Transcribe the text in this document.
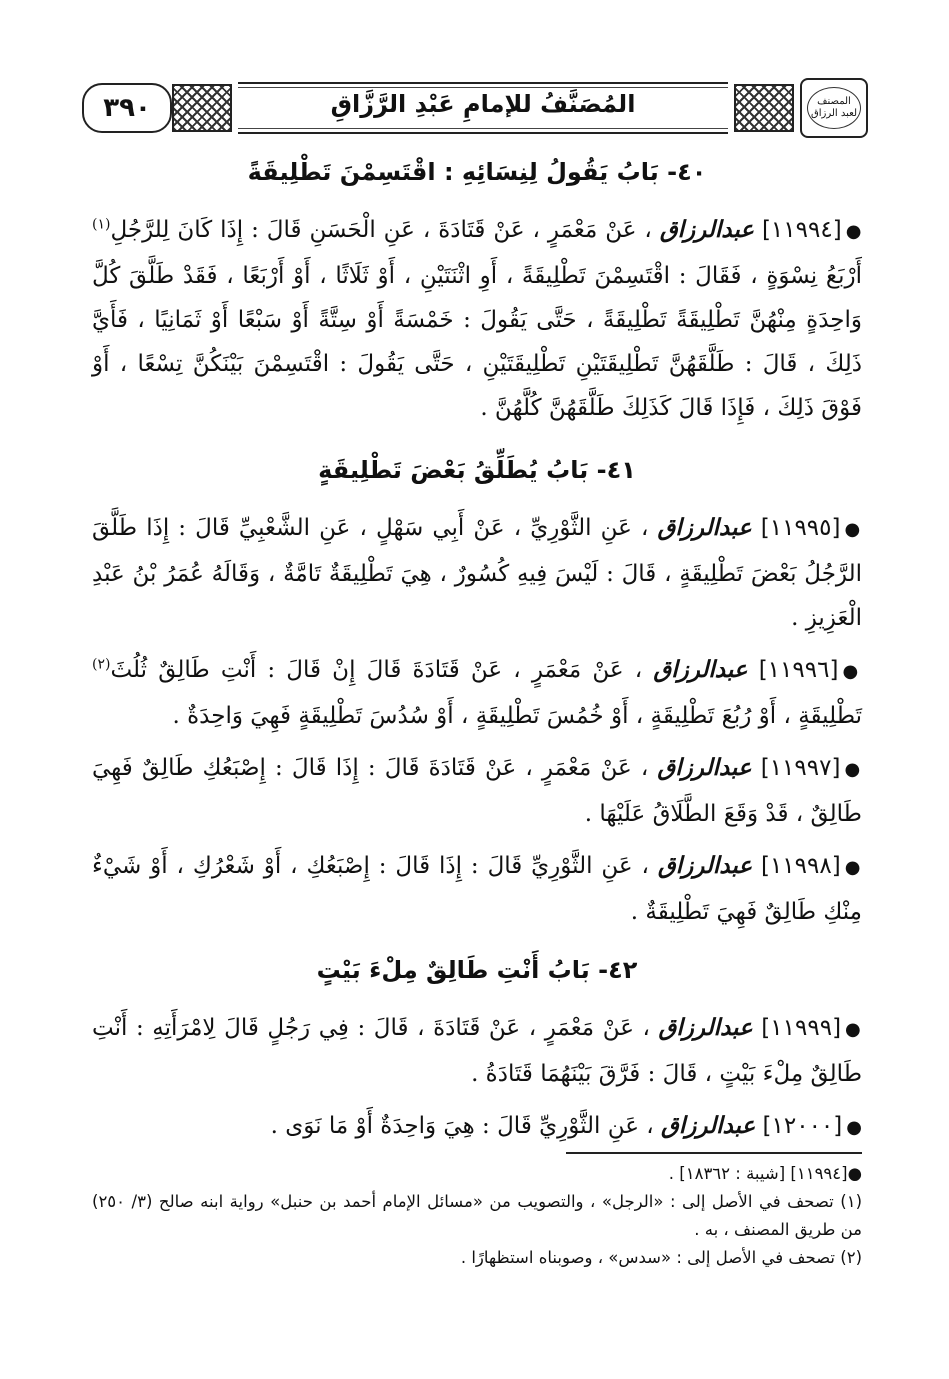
٣٩٠	المُصَنَّفُ للإمامِ عَبْدِ الرَّزَّاقِ	المصنف
لعبد الرزاق
٤٠- بَابُ يَقُولُ لِنِسَائِهِ : اقْتَسِمْنَ تَطْلِيقَةً

●[١١٩٩٤] عبدالرزاق ، عَنْ مَعْمَرٍ ، عَنْ قَتَادَةَ ، عَنِ الْحَسَنِ قَالَ : إِذَا كَانَ لِلرَّجُلِ$^{(١)}$ أَرْبَعُ نِسْوَةٍ ، فَقَالَ : اقْتَسِمْنَ تَطْلِيقَةً ، أَوِ اثْنَتَيْنِ ، أَوْ ثَلَاثًا ، أَوْ أَرْبَعًا ، فَقَدْ طَلَّقَ كُلَّ وَاحِدَةٍ مِنْهُنَّ تَطْلِيقَةً تَطْلِيقَةً ، حَتَّى يَقُولَ : خَمْسَةً أَوْ سِتَّةً أَوْ سَبْعًا أَوْ ثَمَانِيًا ، فَأَيَّ ذَلِكَ ، قَالَ : طَلَّقَهُنَّ تَطْلِيقَتَيْنِ تَطْلِيقَتَيْنِ ، حَتَّى يَقُولَ : اقْتَسِمْنَ بَيْنَكُنَّ تِسْعًا ، أَوْ فَوْقَ ذَلِكَ ، فَإِذَا قَالَ كَذَلِكَ طَلَّقَهُنَّ كُلَّهُنَّ .

٤١- بَابُ يُطَلِّقُ بَعْضَ تَطْلِيقَةٍ

●[١١٩٩٥] عبدالرزاق ، عَنِ الثَّوْرِيِّ ، عَنْ أَبِي سَهْلٍ ، عَنِ الشَّعْبِيِّ قَالَ : إِذَا طَلَّقَ الرَّجُلُ بَعْضَ تَطْلِيقَةٍ ، قَالَ : لَيْسَ فِيهِ كُسُورٌ ، هِيَ تَطْلِيقَةٌ تَامَّةٌ ، وَقَالَهُ عُمَرُ بْنُ عَبْدِ الْعَزِيزِ .

●[١١٩٩٦] عبدالرزاق ، عَنْ مَعْمَرٍ ، عَنْ قَتَادَةَ قَالَ إِنْ قَالَ : أَنْتِ طَالِقٌ ثُلُثَ$^{(٢)}$ تَطْلِيقَةٍ ، أَوْ رُبُعَ تَطْلِيقَةٍ ، أَوْ خُمُسَ تَطْلِيقَةٍ ، أَوْ سُدُسَ تَطْلِيقَةٍ فَهِيَ وَاحِدَةٌ .

●[١١٩٩٧] عبدالرزاق ، عَنْ مَعْمَرٍ ، عَنْ قَتَادَةَ قَالَ : إِذَا قَالَ : إِصْبَعُكِ طَالِقٌ فَهِيَ طَالِقٌ ، قَدْ وَقَعَ الطَّلَاقُ عَلَيْهَا .

●[١١٩٩٨] عبدالرزاق ، عَنِ الثَّوْرِيِّ قَالَ : إِذَا قَالَ : إِصْبَعُكِ ، أَوْ شَعْرُكِ ، أَوْ شَيْءٌ مِنْكِ طَالِقٌ فَهِيَ تَطْلِيقَةٌ .

٤٢- بَابُ أَنْتِ طَالِقٌ مِلْءَ بَيْتٍ

●[١١٩٩٩] عبدالرزاق ، عَنْ مَعْمَرٍ ، عَنْ قَتَادَةَ ، قَالَ : فِي رَجُلٍ قَالَ لِامْرَأَتِهِ : أَنْتِ طَالِقٌ مِلْءَ بَيْتٍ ، قَالَ : فَرَّقَ بَيْنَهُمَا قَتَادَةُ .

●[١٢٠٠٠] عبدالرزاق ، عَنِ الثَّوْرِيِّ قَالَ : هِيَ وَاحِدَةٌ أَوْ مَا نَوَى .

●[١١٩٩٤] [شيبة : ١٨٣٦٢] .

(١) تصحف في الأصل إلى : «الرجل» ، والتصويب من «مسائل الإمام أحمد بن حنبل» رواية ابنه صالح (٣/ ٢٥٠) من طريق المصنف ، به .

(٢) تصحف في الأصل إلى : «سدس» ، وصوبناه استظهارًا .
